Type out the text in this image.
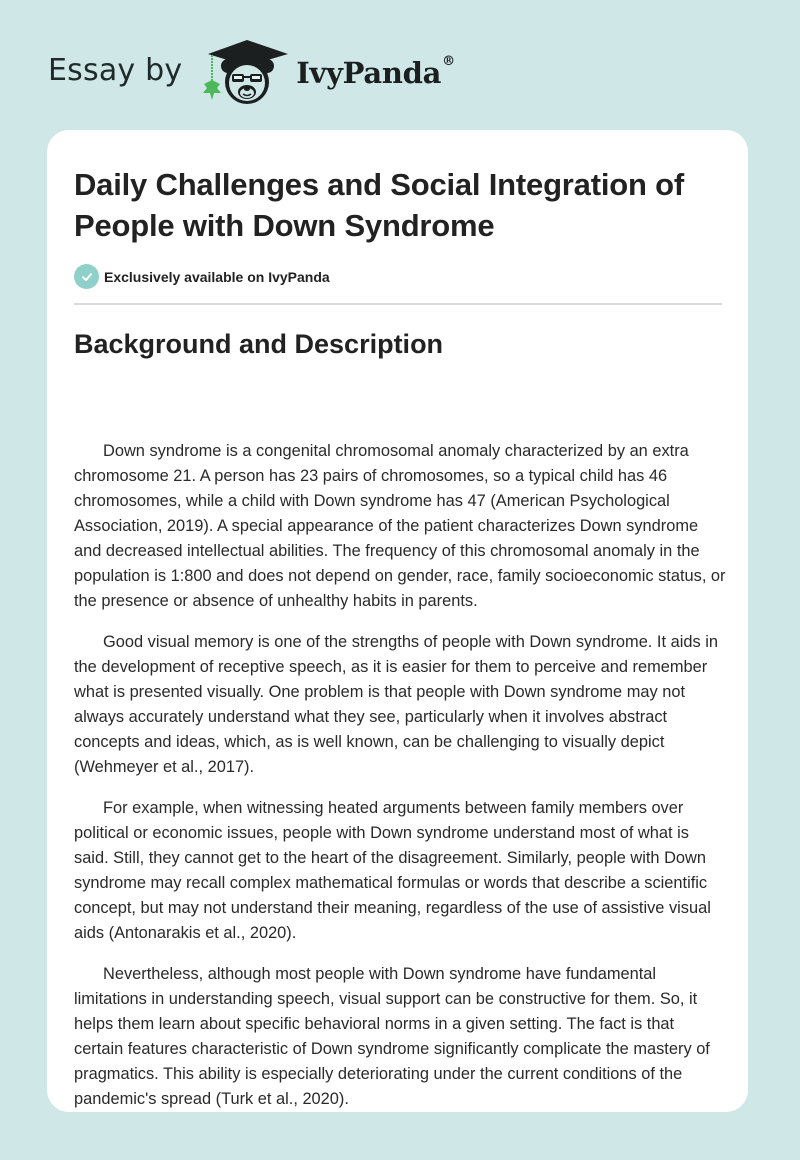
Essay by	IvyPanda®
Daily Challenges and Social Integration of People with Down Syndrome
Exclusively available on IvyPanda
Background and Description

Down syndrome is a congenital chromosomal anomaly characterized by an extra chromosome 21. A person has 23 pairs of chromosomes, so a typical child has 46 chromosomes, while a child with Down syndrome has 47 (American Psychological Association, 2019). A special appearance of the patient characterizes Down syndrome and decreased intellectual abilities. The frequency of this chromosomal anomaly in the population is 1:800 and does not depend on gender, race, family socioeconomic status, or the presence or absence of unhealthy habits in parents.

Good visual memory is one of the strengths of people with Down syndrome. It aids in the development of receptive speech, as it is easier for them to perceive and remember what is presented visually. One problem is that people with Down syndrome may not always accurately understand what they see, particularly when it involves abstract concepts and ideas, which, as is well known, can be challenging to visually depict (Wehmeyer et al., 2017).

For example, when witnessing heated arguments between family members over political or economic issues, people with Down syndrome understand most of what is said. Still, they cannot get to the heart of the disagreement. Similarly, people with Down syndrome may recall complex mathematical formulas or words that describe a scientific concept, but may not understand their meaning, regardless of the use of assistive visual aids (Antonarakis et al., 2020).

Nevertheless, although most people with Down syndrome have fundamental limitations in understanding speech, visual support can be constructive for them. So, it helps them learn about specific behavioral norms in a given setting. The fact is that certain features characteristic of Down syndrome significantly complicate the mastery of pragmatics. This ability is especially deteriorating under the current conditions of the pandemic's spread (Turk et al., 2020).
